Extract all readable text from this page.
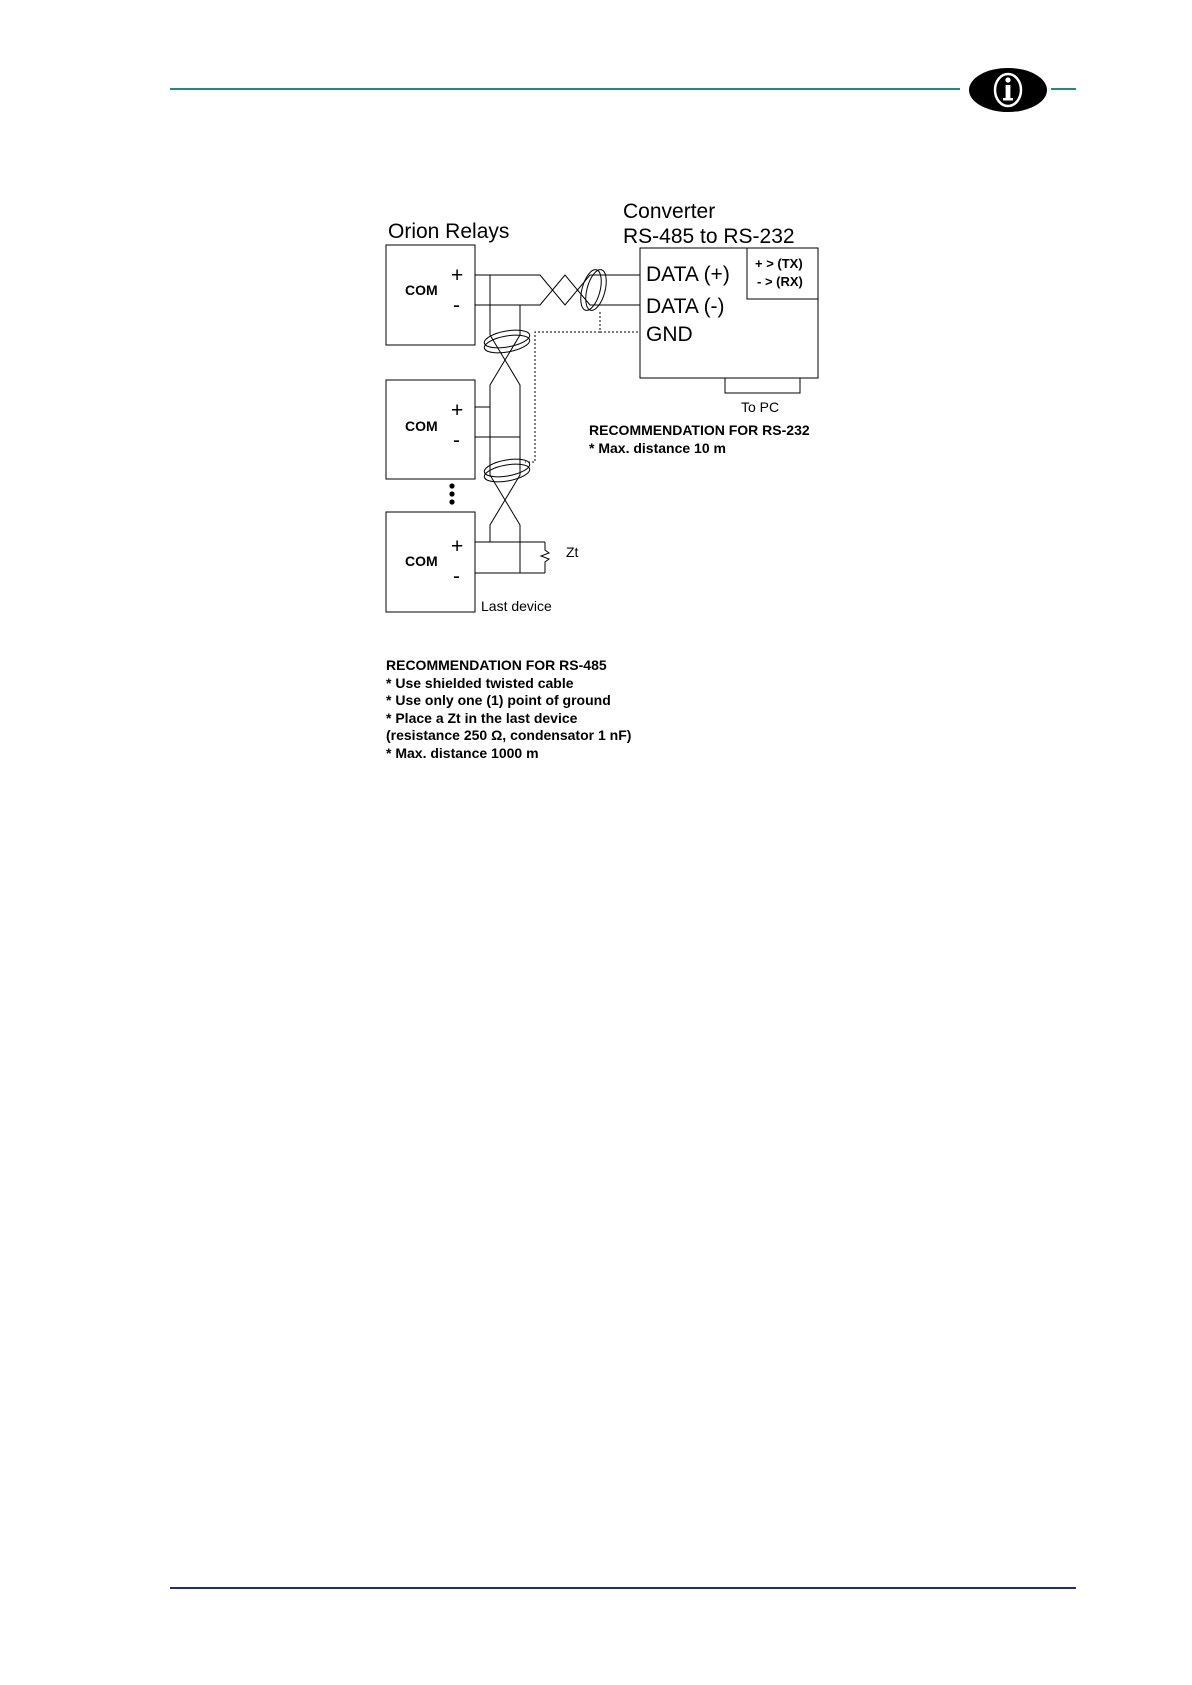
Orion Relays
Converter
RS-485 to RS-232
COM
COM
COM
+
-
+
-
+
-
DATA (+)
DATA (-)
GND
+ > (TX)
- > (RX)
To PC
Zt
Last device
RECOMMENDATION FOR RS-232
* Max. distance 10 m
RECOMMENDATION FOR RS-485
* Use shielded twisted cable
* Use only one (1) point of ground
* Place a Zt in the last device
(resistance 250 Ω, condensator 1 nF)
* Max. distance 1000 m
